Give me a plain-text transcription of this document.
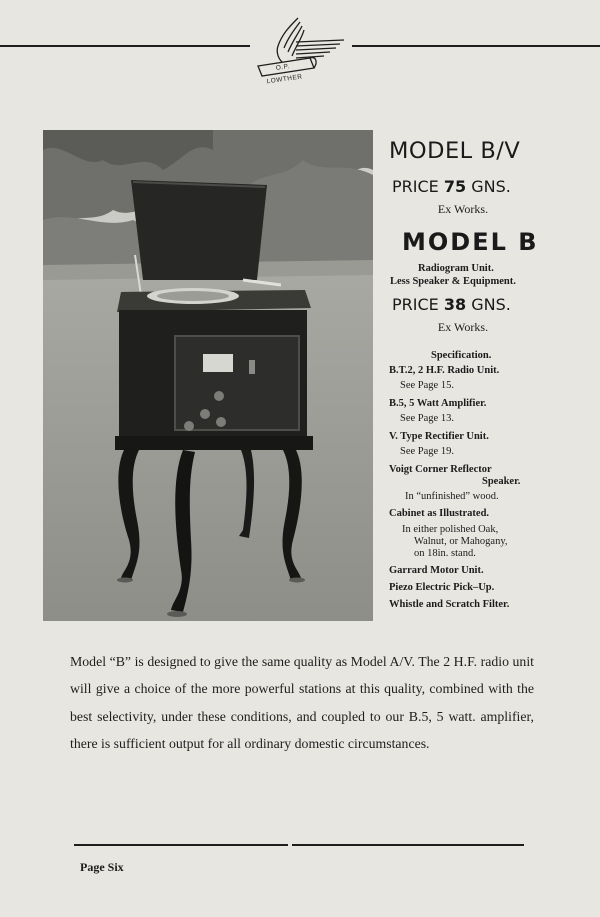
O.P. LOWTHER
MODEL B/V
PRICE 75 GNS.
Ex Works.
MODEL B
Radiogram Unit.
Less Speaker & Equipment.
PRICE 38 GNS.
Ex Works.
Specification.
B.T.2, 2 H.F. Radio Unit.
See Page 15.
B.5, 5 Watt Amplifier.
See Page 13.
V. Type Rectifier Unit.
See Page 19.
Voigt Corner Reflector
Speaker.
In “unfinished” wood.
Cabinet as Illustrated.
In either polished Oak,
Walnut, or Mahogany,
on 18in. stand.
Garrard Motor Unit.
Piezo Electric Pick–Up.
Whistle and Scratch Filter.
Model “B” is designed to give the same quality as Model A/V. The 2 H.F. radio unit will give a choice of the more powerful stations at this quality, combined with the best selectivity, under these conditions, and coupled to our B.5, 5 watt. amplifier, there is sufficient output for all ordinary domestic circumstances.
Page Six
